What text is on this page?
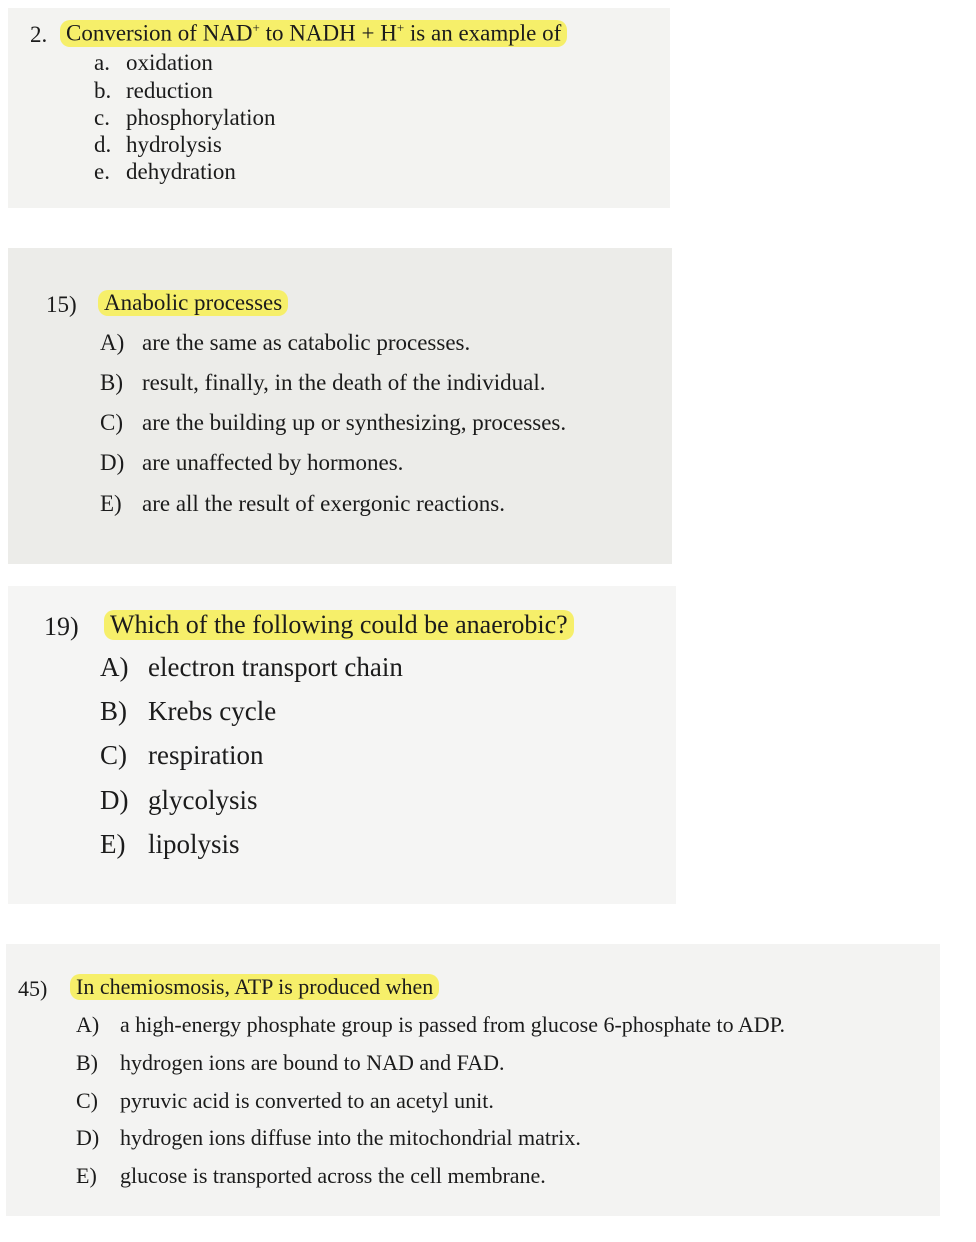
2. Conversion of NAD+ to NADH + H+ is an example of
a. oxidation
b. reduction
c. phosphorylation
d. hydrolysis
e. dehydration
15) Anabolic processes
A) are the same as catabolic processes.
B) result, finally, in the death of the individual.
C) are the building up or synthesizing, processes.
D) are unaffected by hormones.
E) are all the result of exergonic reactions.
19) Which of the following could be anaerobic?
A) electron transport chain
B) Krebs cycle
C) respiration
D) glycolysis
E) lipolysis
45) In chemiosmosis, ATP is produced when
A) a high-energy phosphate group is passed from glucose 6-phosphate to ADP.
B) hydrogen ions are bound to NAD and FAD.
C) pyruvic acid is converted to an acetyl unit.
D) hydrogen ions diffuse into the mitochondrial matrix.
E) glucose is transported across the cell membrane.
